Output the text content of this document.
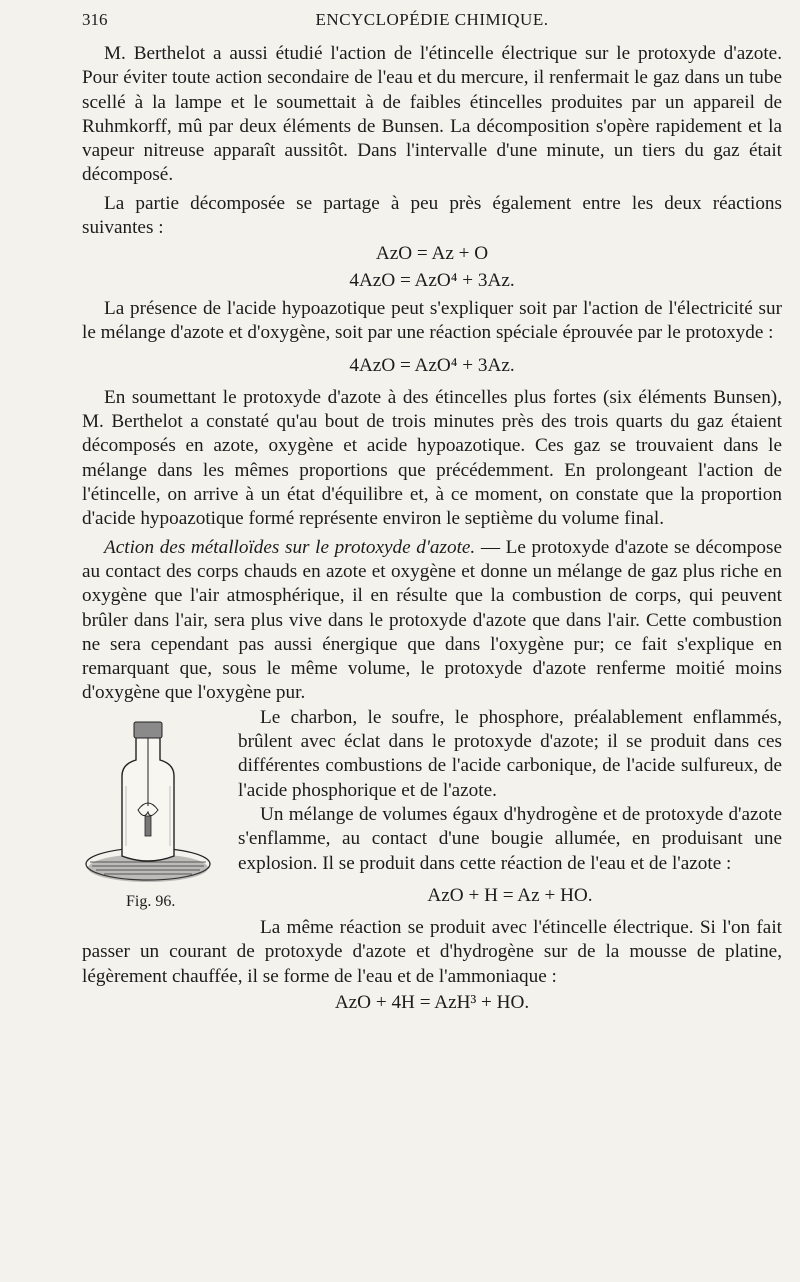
316	ENCYCLOPÉDIE CHIMIQUE.

M. Berthelot a aussi étudié l'action de l'étincelle électrique sur le protoxyde d'azote. Pour éviter toute action secondaire de l'eau et du mercure, il renfermait le gaz dans un tube scellé à la lampe et le soumettait à de faibles étincelles produites par un appareil de Ruhmkorff, mû par deux éléments de Bunsen. La décomposition s'opère rapidement et la vapeur nitreuse apparaît aussitôt. Dans l'intervalle d'une minute, un tiers du gaz était décomposé.

La partie décomposée se partage à peu près également entre les deux réactions suivantes :

AzO = Az + O
4AzO = AzO⁴ + 3Az.

La présence de l'acide hypoazotique peut s'expliquer soit par l'action de l'électricité sur le mélange d'azote et d'oxygène, soit par une réaction spéciale éprouvée par le protoxyde :

4AzO = AzO⁴ + 3Az.

En soumettant le protoxyde d'azote à des étincelles plus fortes (six éléments Bunsen), M. Berthelot a constaté qu'au bout de trois minutes près des trois quarts du gaz étaient décomposés en azote, oxygène et acide hypoazotique. Ces gaz se trouvaient dans le mélange dans les mêmes proportions que précédemment. En prolongeant l'action de l'étincelle, on arrive à un état d'équilibre et, à ce moment, on constate que la proportion d'acide hypoazotique formé représente environ le septième du volume final.

Action des métalloïdes sur le protoxyde d'azote. — Le protoxyde d'azote se décompose au contact des corps chauds en azote et oxygène et donne un mélange de gaz plus riche en oxygène que l'air atmosphérique, il en résulte que la combustion de corps, qui peuvent brûler dans l'air, sera plus vive dans le protoxyde d'azote que dans l'air. Cette combustion ne sera cependant pas aussi énergique que dans l'oxygène pur; ce fait s'explique en remarquant que, sous le même volume, le protoxyde d'azote renferme moitié moins d'oxygène que l'oxygène pur.

Fig. 96.

Le charbon, le soufre, le phosphore, préalablement enflammés, brûlent avec éclat dans le protoxyde d'azote; il se produit dans ces différentes combustions de l'acide carbonique, de l'acide sulfureux, de l'acide phosphorique et de l'azote.

Un mélange de volumes égaux d'hydrogène et de protoxyde d'azote s'enflamme, au contact d'une bougie allumée, en produisant une explosion. Il se produit dans cette réaction de l'eau et de l'azote :

AzO + H = Az + HO.

La même réaction se produit avec l'étincelle électrique. Si l'on fait passer un courant de protoxyde d'azote et d'hydrogène sur de la mousse de platine, légèrement chauffée, il se forme de l'eau et de l'ammoniaque :

AzO + 4H = AzH³ + HO.
